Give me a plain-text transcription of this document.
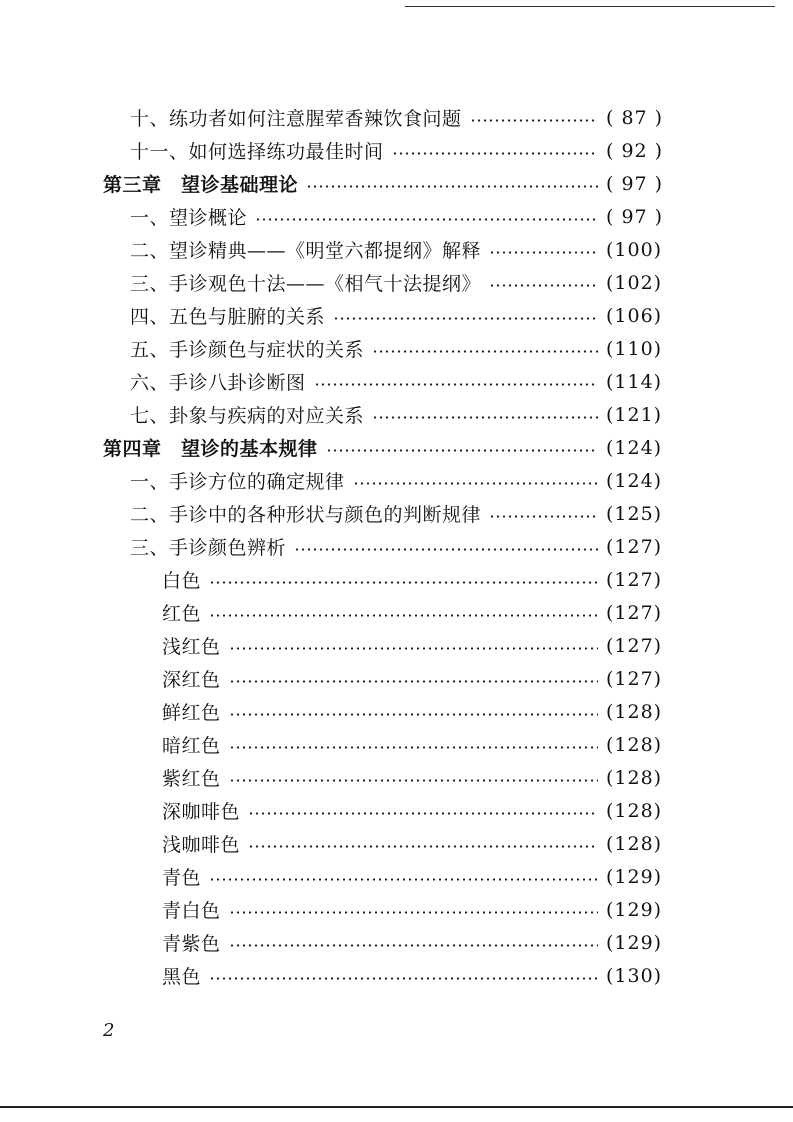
十、练功者如何注意腥荤香辣饮食问题	( 87 )
十一、如何选择练功最佳时间	( 92 )
第三章　望诊基础理论	( 97 )
一、望诊概论	( 97 )
二、望诊精典——《明堂六都提纲》解释	(100)
三、手诊观色十法——《相气十法提纲》	(102)
四、五色与脏腑的关系	(106)
五、手诊颜色与症状的关系	(110)
六、手诊八卦诊断图	(114)
七、卦象与疾病的对应关系	(121)
第四章　望诊的基本规律	(124)
一、手诊方位的确定规律	(124)
二、手诊中的各种形状与颜色的判断规律	(125)
三、手诊颜色辨析	(127)
白色	(127)
红色	(127)
浅红色	(127)
深红色	(127)
鲜红色	(128)
暗红色	(128)
紫红色	(128)
深咖啡色	(128)
浅咖啡色	(128)
青色	(129)
青白色	(129)
青紫色	(129)
黑色	(130)
2
